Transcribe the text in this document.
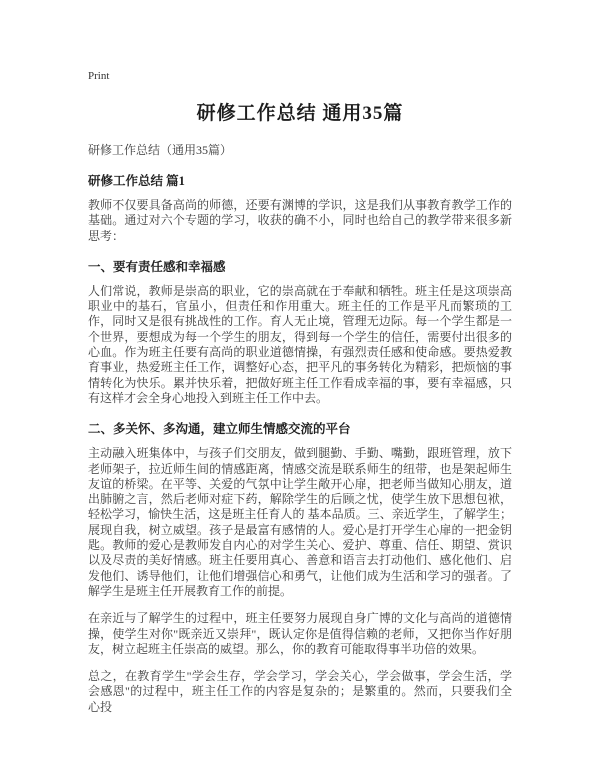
Print
研修工作总结 通用35篇
研修工作总结（通用35篇）
研修工作总结 篇1

教师不仅要具备高尚的师德，还要有渊博的学识，这是我们从事教育教学工作的基础。通过对六个专题的学习，收获的确不小，同时也给自己的教学带来很多新思考：

一、要有责任感和幸福感

人们常说，教师是崇高的职业，它的崇高就在于奉献和牺牲。班主任是这项崇高职业中的基石，官虽小，但责任和作用重大。班主任的工作是平凡而繁琐的工作，同时又是很有挑战性的工作。育人无止境，管理无边际。每一个学生都是一个世界，要想成为每一个学生的朋友，得到每一个学生的信任，需要付出很多的心血。作为班主任要有高尚的职业道德情操，有强烈责任感和使命感。要热爱教育事业，热爱班主任工作，调整好心态，把平凡的事务转化为精彩，把烦恼的事情转化为快乐。累并快乐着，把做好班主任工作看成幸福的事，要有幸福感，只有这样才会全身心地投入到班主任工作中去。

二、多关怀、多沟通，建立师生情感交流的平台

主动融入班集体中，与孩子们交朋友，做到腿勤、手勤、嘴勤，跟班管理，放下老师架子，拉近师生间的情感距离，情感交流是联系师生的纽带，也是架起师生友谊的桥梁。在平等、关爱的气氛中让学生敞开心扉，把老师当做知心朋友，道出肺腑之言，然后老师对症下药，解除学生的后顾之忧，使学生放下思想包袱，轻松学习，愉快生活，这是班主任育人的 基本品质。三、亲近学生，了解学生；展现自我，树立威望。孩子是最富有感情的人。爱心是打开学生心扉的一把金钥匙。教师的爱心是教师发自内心的对学生关心、爱护、尊重、信任、期望、赏识以及尽责的美好情感。班主任要用真心、善意和语言去打动他们、感化他们、启发他们、诱导他们，让他们增强信心和勇气，让他们成为生活和学习的强者。了解学生是班主任开展教育工作的前提。

在亲近与了解学生的过程中，班主任要努力展现自身广博的文化与高尚的道德情操，使学生对你"既亲近又崇拜"，既认定你是值得信赖的老师，又把你当作好朋友，树立起班主任崇高的威望。那么，你的教育可能取得事半功倍的效果。

总之，在教育学生"学会生存，学会学习，学会关心，学会做事，学会生活，学会感恩"的过程中，班主任工作的内容是复杂的；是繁重的。然而，只要我们全心投
